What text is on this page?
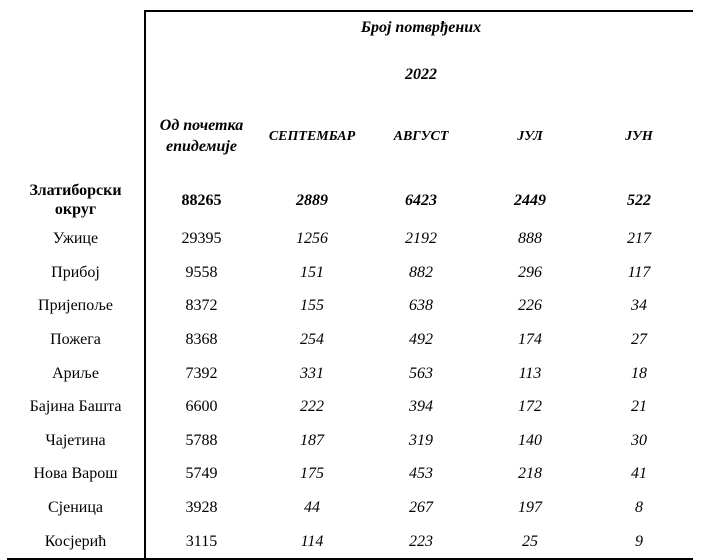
		Број потврђених			
		2022			
	Од почетка епидемије	СЕПТЕМБАР	АВГУСТ	ЈУЛ	ЈУН
Златиборски округ	88265	2889	6423	2449	522
Ужице	29395	1256	2192	888	217
Прибој	9558	151	882	296	117
Пријепоље	8372	155	638	226	34
Пожега	8368	254	492	174	27
Ариље	7392	331	563	113	18
Бајина Башта	6600	222	394	172	21
Чајетина	5788	187	319	140	30
Нова Варош	5749	175	453	218	41
Сјеница	3928	44	267	197	8
Косјерић	3115	114	223	25	9
